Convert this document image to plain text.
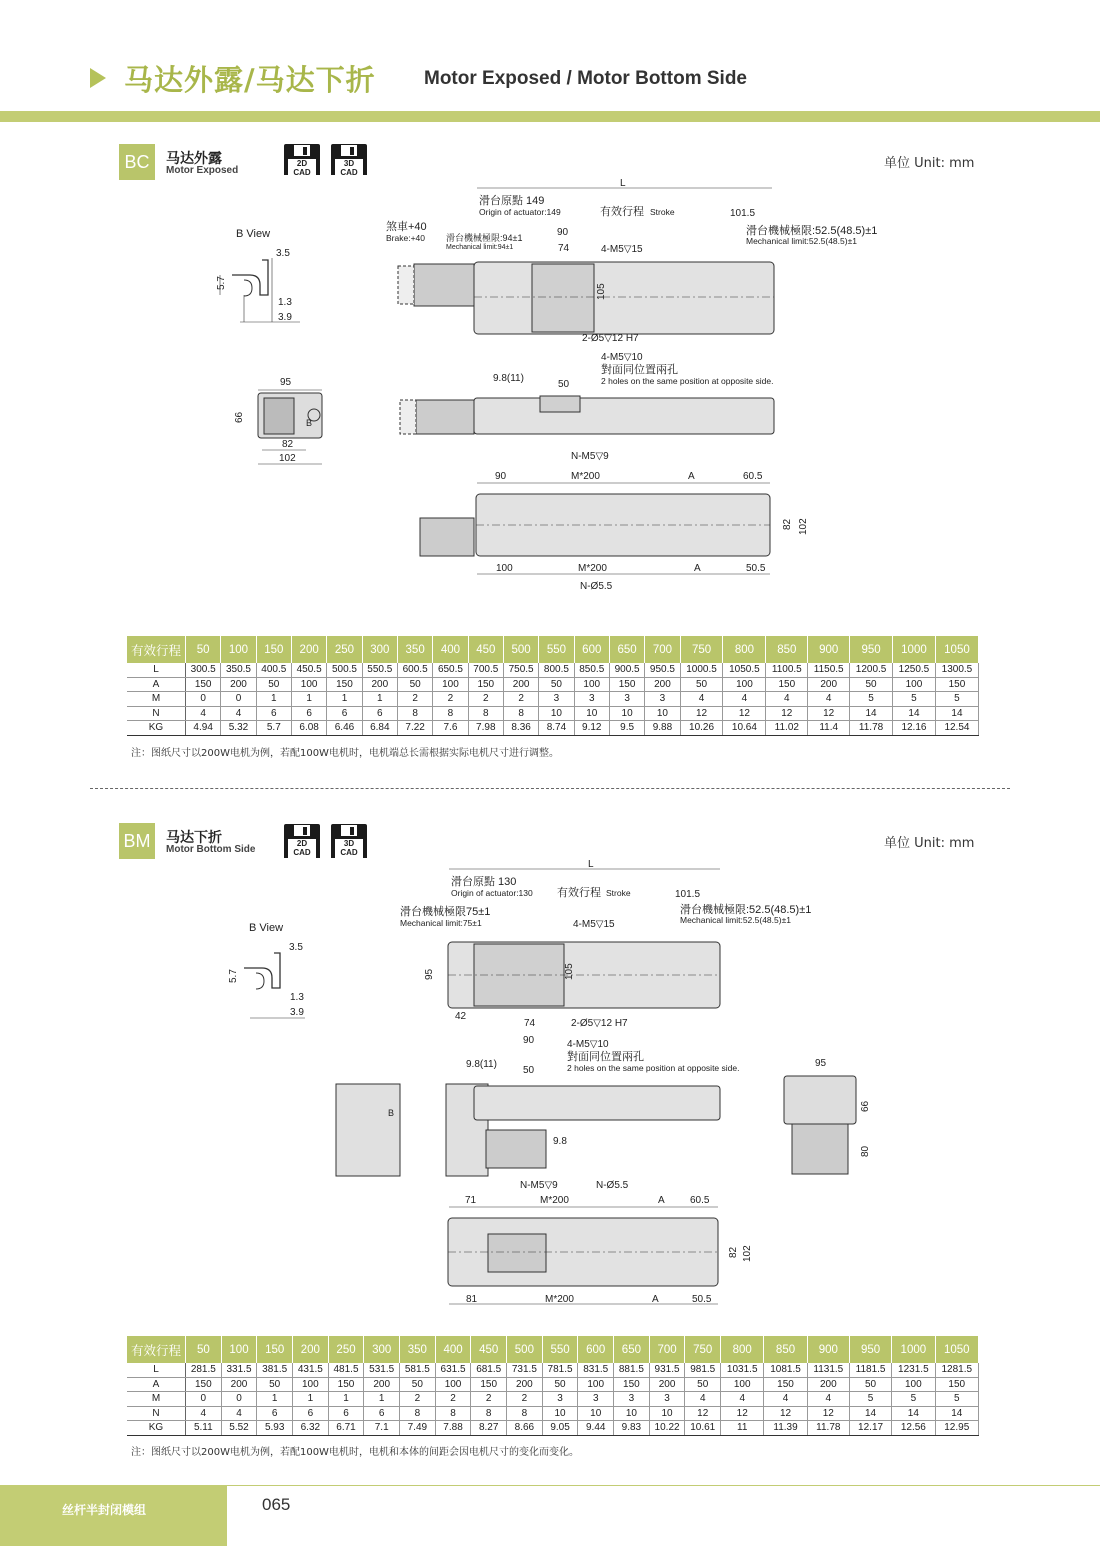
马达外露/马达下折	Motor Exposed / Motor Bottom Side
BC	马达外露
Motor Exposed
2D
CAD
3D
CAD
单位 Unit: mm
B View
3.5
5.7
1.3
3.9
95
66
82
102
B
L
滑台原點 149
Origin of actuator:149	有效行程 Stroke	101.5
煞車+40
Brake:+40 滑台機械極限:94±1
Mechanical limit:94±1
滑台機械極限:52.5(48.5)±1
Mechanical limit:52.5(48.5)±1
90
74	4-M5▽15
105
2-Ø5▽12 H7
4-M5▽10
對面同位置兩孔
2 holes on the same position at opposite side.
9.8(11)
50
N-M5▽9
90	M*200	A	60.5
82 102
100	M*200	A	50.5
N-Ø5.5
有效行程	50	100	150	200	250	300	350	400	450	500	550	600	650	700	750	800	850	900	950	1000	1050
L	300.5	350.5	400.5	450.5	500.5	550.5	600.5	650.5	700.5	750.5	800.5	850.5	900.5	950.5	1000.5	1050.5	1100.5	1150.5	1200.5	1250.5	1300.5
A	150	200	50	100	150	200	50	100	150	200	50	100	150	200	50	100	150	200	50	100	150
M	0	0	1	1	1	1	2	2	2	2	3	3	3	3	4	4	4	4	5	5	5
N	4	4	6	6	6	6	8	8	8	8	10	10	10	10	12	12	12	12	14	14	14
KG	4.94	5.32	5.7	6.08	6.46	6.84	7.22	7.6	7.98	8.36	8.74	9.12	9.5	9.88	10.26	10.64	11.02	11.4	11.78	12.16	12.54
注：图纸尺寸以200W电机为例，若配100W电机时，电机端总长需根据实际电机尺寸进行调整。
BM	马达下折
Motor Bottom Side
2D
CAD
3D
CAD
单位 Unit: mm
B View
3.5
5.7
1.3
3.9
L
滑台原點 130
Origin of actuator:130 有效行程 Stroke	101.5
滑台機械極限75±1
Mechanical limit:75±1
滑台機械極限:52.5(48.5)±1
Mechanical limit:52.5(48.5)±1
4-M5▽15
95	105
42
74	2-Ø5▽12 H7
90	4-M5▽10
對面同位置兩孔
2 holes on the same position at opposite side.
9.8(11)
50
9.8
B
95
66
80
N-M5▽9	N-Ø5.5
71	M*200	A	60.5
82 102
81	M*200	A	50.5
有效行程	50	100	150	200	250	300	350	400	450	500	550	600	650	700	750	800	850	900	950	1000	1050
L	281.5	331.5	381.5	431.5	481.5	531.5	581.5	631.5	681.5	731.5	781.5	831.5	881.5	931.5	981.5	1031.5	1081.5	1131.5	1181.5	1231.5	1281.5
A	150	200	50	100	150	200	50	100	150	200	50	100	150	200	50	100	150	200	50	100	150
M	0	0	1	1	1	1	2	2	2	2	3	3	3	3	4	4	4	4	5	5	5
N	4	4	6	6	6	6	8	8	8	8	10	10	10	10	12	12	12	12	14	14	14
KG	5.11	5.52	5.93	6.32	6.71	7.1	7.49	7.88	8.27	8.66	9.05	9.44	9.83	10.22	10.61	11	11.39	11.78	12.17	12.56	12.95
注：图纸尺寸以200W电机为例，若配100W电机时，电机和本体的间距会因电机尺寸的变化而变化。
丝杆半封闭模组	065
